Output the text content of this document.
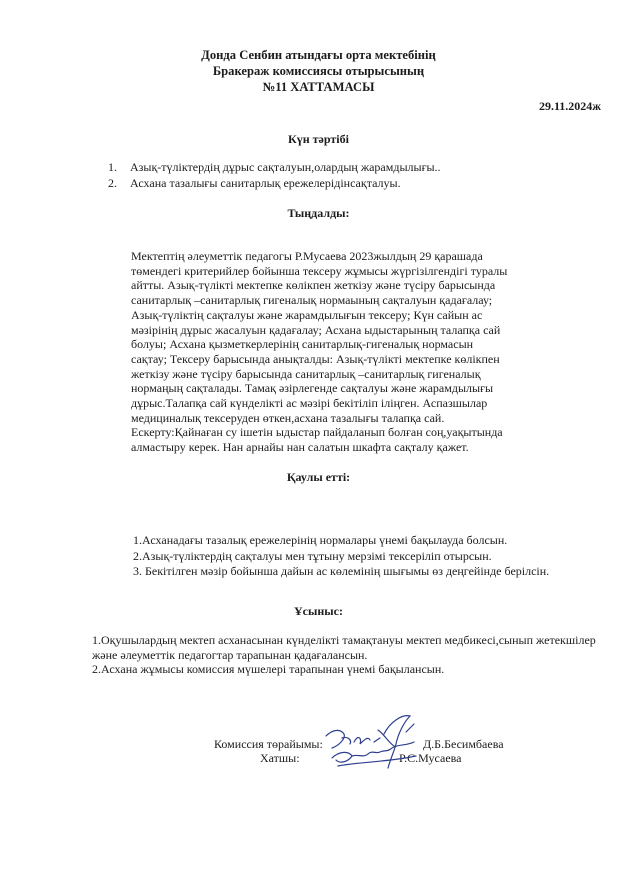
Донда Сенбин атындағы орта мектебінің
Бракераж комиссиясы отырысының
№11 ХАТТАМАСЫ
29.11.2024ж
Күн тәртібі
1.	Азық-түліктердің дұрыс сақталуын,олардың жарамдылығы..
2.	Асхана тазалығы санитарлық ережелерідінсақталуы.
Тыңдалды:
Мектептің әлеуметтік педагогы Р.Мусаева 2023жылдың 29 қарашада төмендегі критерийлер бойынша тексеру жұмысы жүргізілгендігі туралы айтты. Азық-түлікті мектепке көлікпен жеткізу және түсіру барысында санитарлық –санитарлық гигеналық нормаының сақталуын қадағалау; Азық-түліктің сақталуы және жарамдылығын тексеру; Күн сайын ас мәзірінің дұрыс жасалуын қадағалау; Асхана ыдыстарының талапқа сай болуы; Асхана қызметкерлерінің санитарлық-гигеналық нормасын сақтау; Тексеру барысында анықталды: Азық-түлікті мектепке көлікпен жеткізу және түсіру барысында санитарлық –санитарлық гигеналық нормаңың сақталады. Тамақ әзірлегенде сақталуы және жарамдылығы дұрыс.Талапқа сай күнделікті ас мәзірі бекітіліп іліңген. Аспазшылар медициналық тексеруден өткен,асхана тазалығы талапқа сай. Ескерту:Қайнаған су ішетін ыдыстар пайдаланып болған соң,уақытында алмастыру керек. Нан арнайы нан салатын шкафта сақталу қажет.
Қаулы етті:
1.Асханадағы тазалық ережелерінің нормалары үнемі бақылауда болсын.
2.Азық-түліктердің сақталуы мен тұтыну мерзімі тексеріліп отырсын.
3. Бекітілген мәзір бойынша дайын ас көлемінің шығымы өз деңгейінде берілсін.
Ұсыныс:
1.Оқушылардың мектеп асханасынан күнделікті тамақтануы мектеп медбикесі,сынып жетекшілер және әлеуметтік педагогтар тарапынан қадағалансын.
2.Асхана жұмысы комиссия мүшелері тарапынан үнемі бақылансын.
Комиссия төрайымы:	Д.Б.Бесимбаева
Хатшы:	Р.С.Мусаева
